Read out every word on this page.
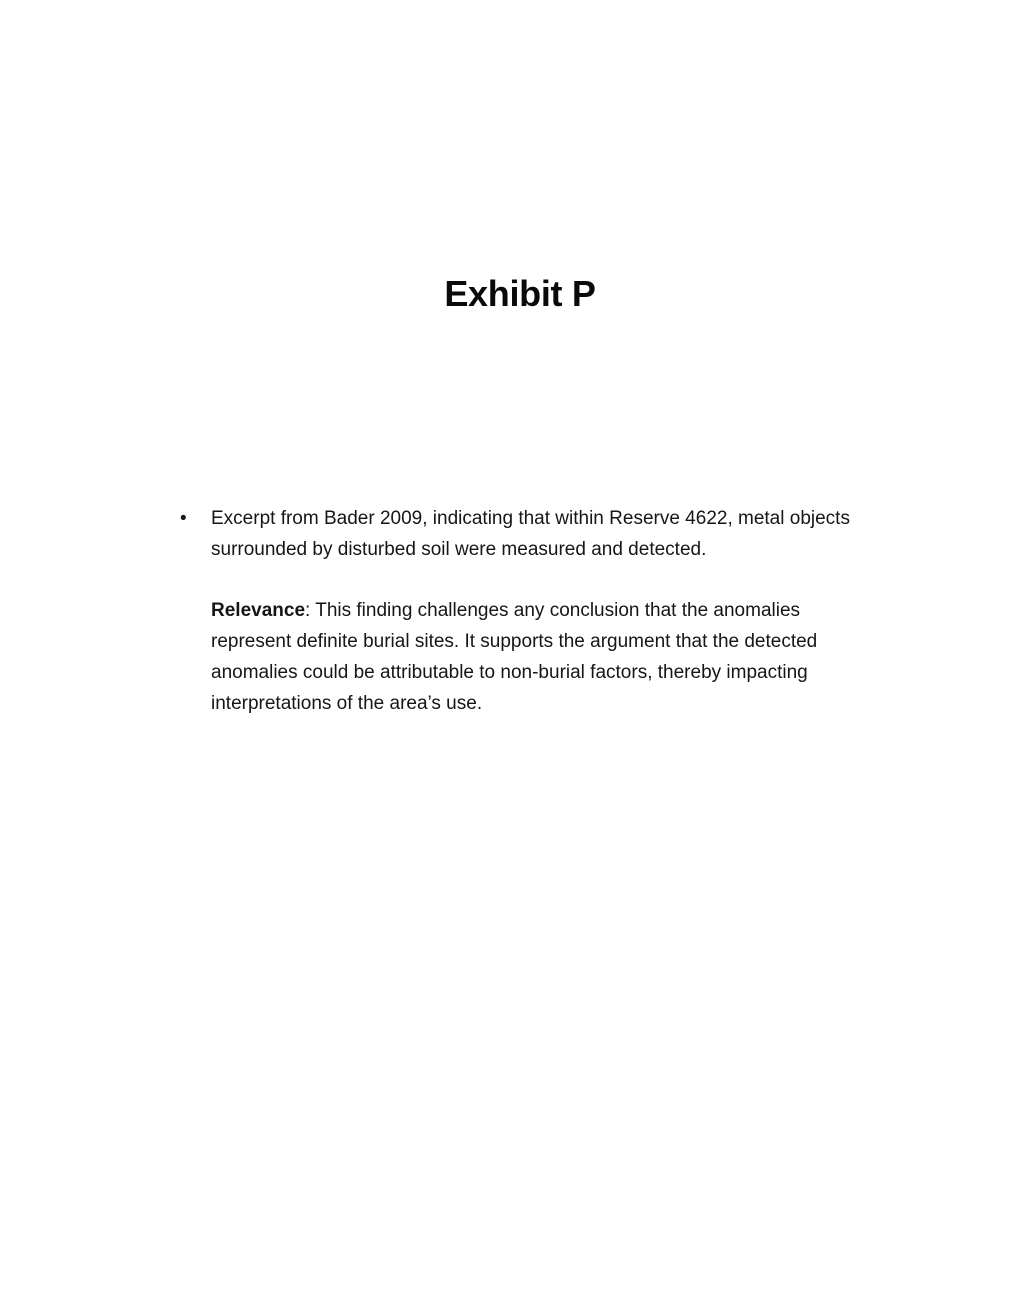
Exhibit P
• Excerpt from Bader 2009, indicating that within Reserve 4622, metal objects surrounded by disturbed soil were measured and detected.

Relevance: This finding challenges any conclusion that the anomalies represent definite burial sites. It supports the argument that the detected anomalies could be attributable to non-burial factors, thereby impacting interpretations of the area’s use.
